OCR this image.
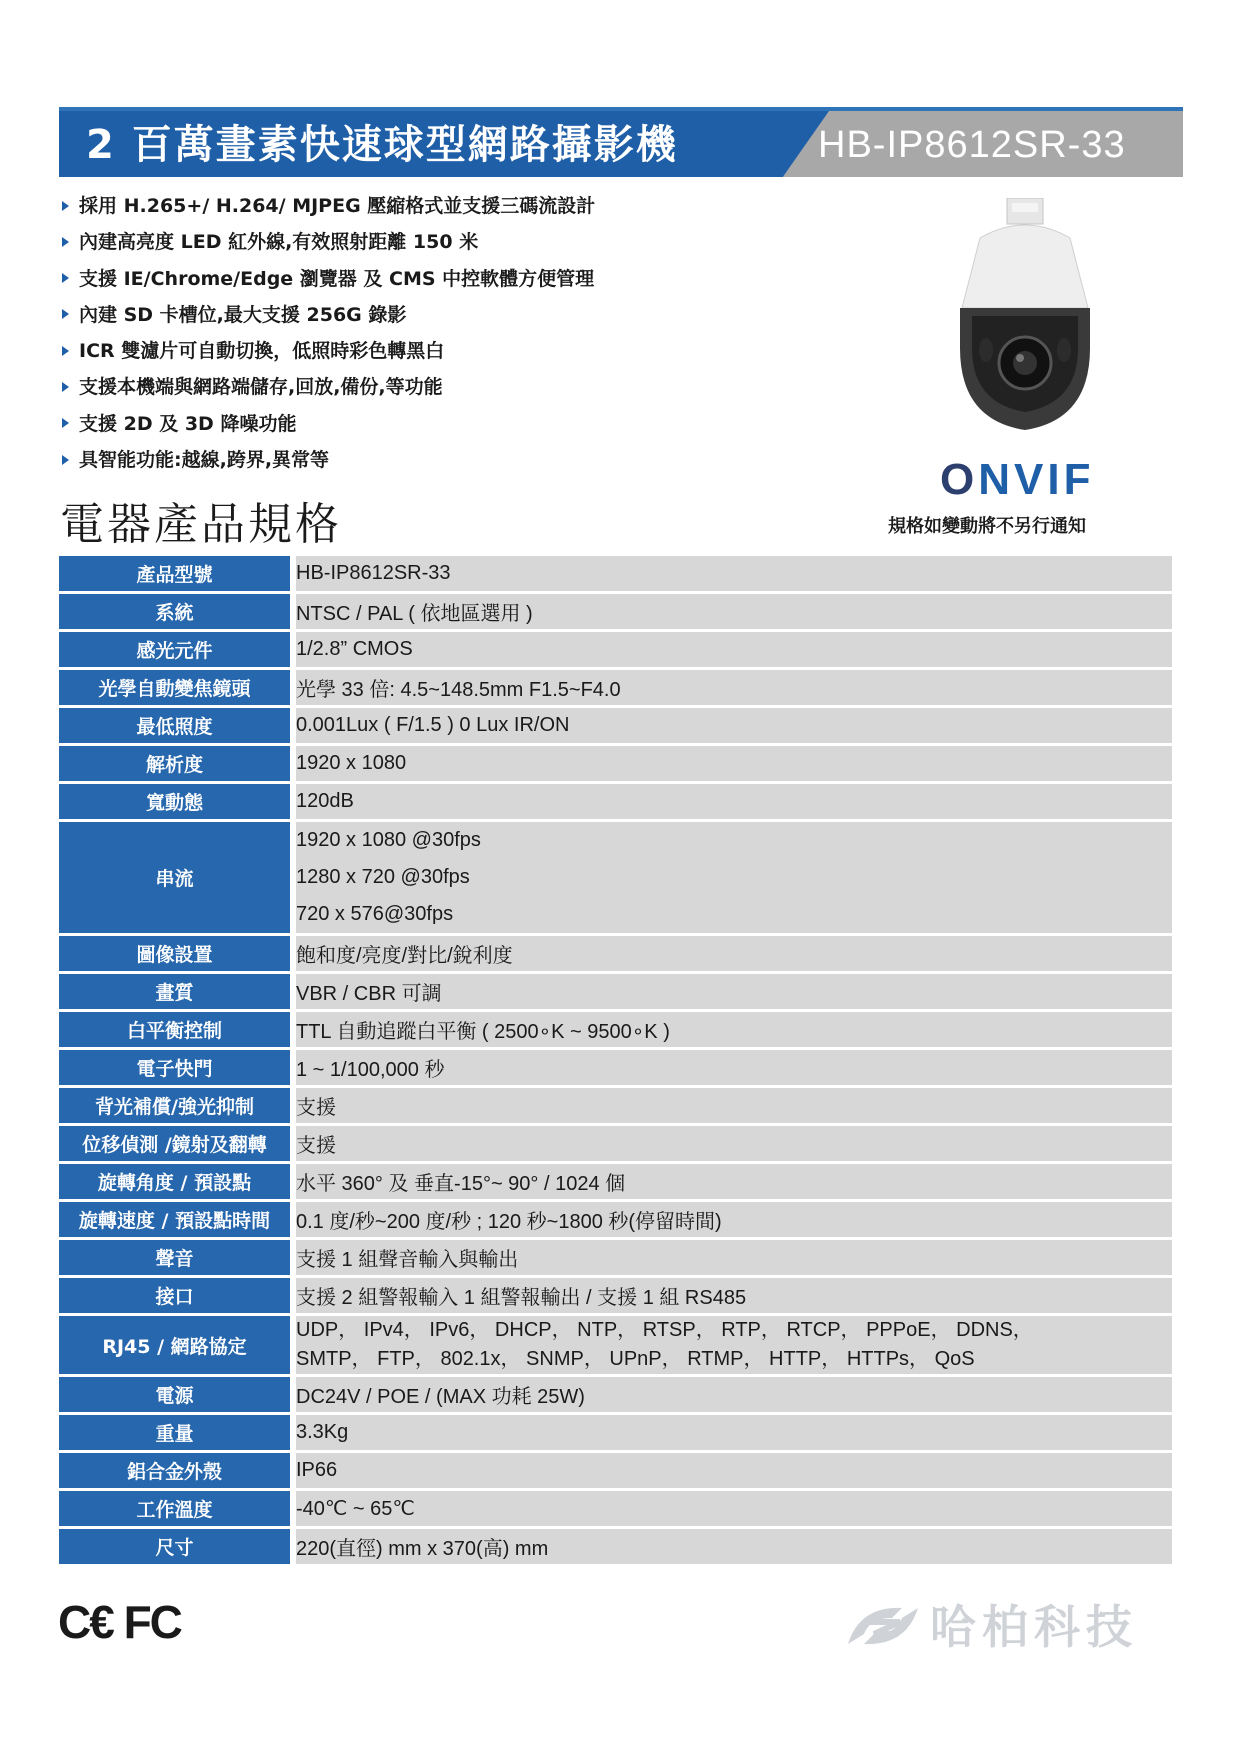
2 百萬畫素快速球型網路攝影機	HB-IP8612SR-33
採用 H.265+/ H.264/ MJPEG 壓縮格式並支援三碼流設計
內建高亮度 LED 紅外線,有效照射距離 150 米
支援 IE/Chrome/Edge 瀏覽器 及 CMS 中控軟體方便管理
內建 SD 卡槽位,最大支援 256G 錄影
ICR 雙濾片可自動切換，低照時彩色轉黑白
支援本機端與網路端儲存,回放,備份,等功能
支援 2D 及 3D 降噪功能
具智能功能:越線,跨界,異常等	ONVIF
規格如變動將不另行通知
電器產品規格
產品型號	HB-IP8612SR-33
系統	NTSC / PAL ( 依地區選用 )
感光元件	1/2.8” CMOS
光學自動變焦鏡頭	光學 33 倍: 4.5~148.5mm F1.5~F4.0
最低照度	0.001Lux ( F/1.5 ) 0 Lux IR/ON
解析度	1920 x 1080
寬動態	120dB
串流	1920 x 1080 @30fps
1280 x 720 @30fps
720 x 576@30fps

圖像設置	飽和度/亮度/對比/銳利度
畫質	VBR / CBR 可調
白平衡控制	TTL 自動追蹤白平衡 ( 2500∘K ~ 9500∘K )
電子快門	1 ~ 1/100,000 秒
背光補償/強光抑制	支援
位移偵測 /鏡射及翻轉	支援
旋轉角度 / 預設點	水平 360° 及 垂直-15°~ 90° / 1024 個
旋轉速度 / 預設點時間	0.1 度/秒~200 度/秒 ; 120 秒~1800 秒(停留時間)
聲音	支援 1 組聲音輸入與輸出
接口	支援 2 組警報輸入 1 組警報輸出 / 支援 1 組 RS485
RJ45 / 網路協定	UDP， IPv4， IPv6， DHCP， NTP， RTSP， RTP， RTCP， PPPoE， DDNS，
SMTP， FTP， 802.1x， SNMP， UPnP， RTMP， HTTP， HTTPs， QoS

電源	DC24V / POE / (MAX 功耗 25W)
重量	3.3Kg
鋁合金外殼	IP66
工作溫度	-40℃ ~ 65℃
尺寸	220(直徑) mm x 370(高) mm
C€ FC	哈柏科技
